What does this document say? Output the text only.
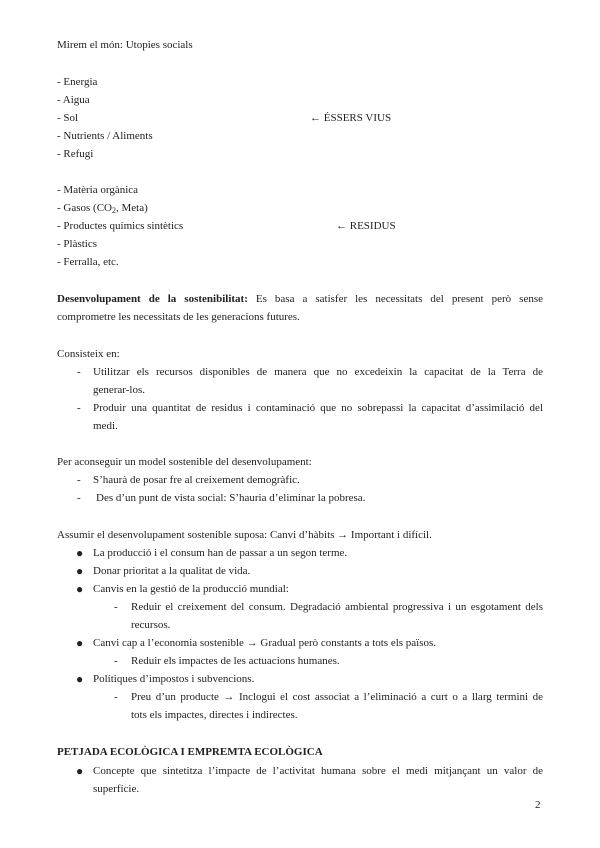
Mirem el món: Utopies socials
- Energia
- Aigua
- Sol
- Nutrients / Aliments
- Refugi
← ÉSSERS VIUS
- Matèria orgànica
- Gasos ($CO_2$, Meta)
- Productes químics sintètics
- Plàstics
- Ferralla, etc.
← RESIDUS
Desenvolupament de la sostenibilitat: Es basa a satisfer les necessitats del present però sense
comprometre les necessitats de les generacions futures.
Consisteix en:
- Utilitzar els recursos disponibles de manera que no excedeixin la capacitat de la Terra de
generar-los.
- Produir una quantitat de residus i contaminació que no sobrepassi la capacitat d’assimilació del
medi.
Per aconseguir un model sostenible del desenvolupament:
- S’haurà de posar fre al creixement demogràfic.
- Des d’un punt de vista social: S’hauria d’eliminar la pobresa.
Assumir el desenvolupament sostenible suposa: Canvi d’hàbits → Important i difícil.
● La producció i el consum han de passar a un segon terme.
● Donar prioritat a la qualitat de vida.
● Canvis en la gestió de la producció mundial:
- Reduir el creixement del consum. Degradació ambiental progressiva i un esgotament dels
recursos.
● Canvi cap a l’economia sostenible → Gradual però constants a tots els països.
- Reduir els impactes de les actuacions humanes.
● Polítiques d’impostos i subvencions.
- Preu d’un producte → Inclogui el cost associat a l’eliminació a curt o a llarg termini de
tots els impactes, directes i indirectes.
PETJADA ECOLÒGICA I EMPREMTA ECOLÒGICA
● Concepte que sintetitza l’impacte de l’activitat humana sobre el medi mitjançant un valor de
superfície.
2
